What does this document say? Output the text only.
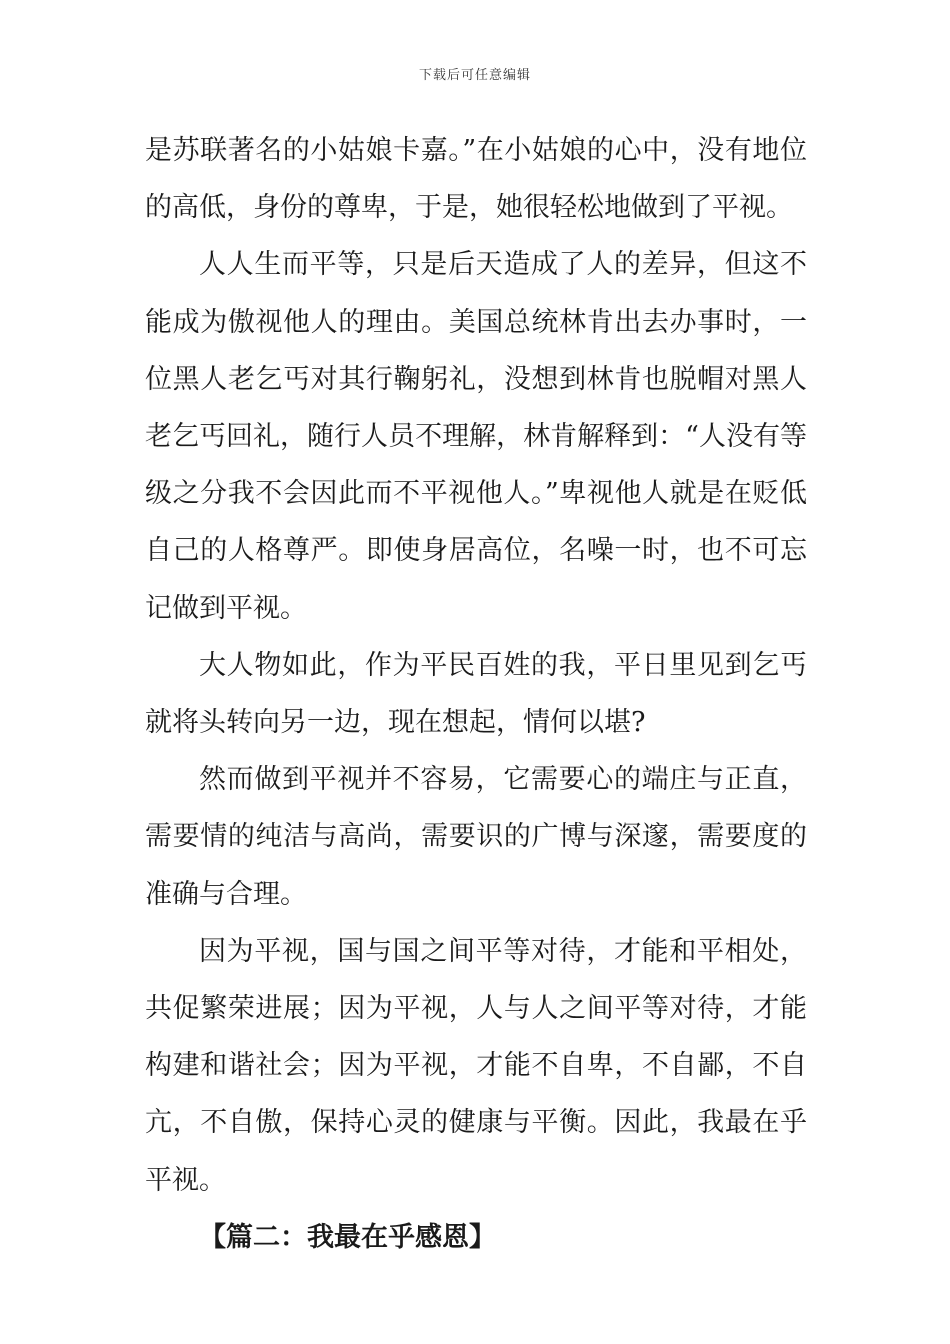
下载后可任意编辑

是苏联著名的小姑娘卡嘉。”在小姑娘的心中，没有地位的高低，身份的尊卑，于是，她很轻松地做到了平视。

人人生而平等，只是后天造成了人的差异，但这不能成为傲视他人的理由。美国总统林肯出去办事时，一位黑人老乞丐对其行鞠躬礼，没想到林肯也脱帽对黑人老乞丐回礼，随行人员不理解，林肯解释到：“人没有等级之分我不会因此而不平视他人。”卑视他人就是在贬低自己的人格尊严。即使身居高位，名噪一时，也不可忘记做到平视。

大人物如此，作为平民百姓的我，平日里见到乞丐就将头转向另一边，现在想起，情何以堪?

然而做到平视并不容易，它需要心的端庄与正直，需要情的纯洁与高尚，需要识的广博与深邃，需要度的准确与合理。

因为平视，国与国之间平等对待，才能和平相处，共促繁荣进展；因为平视，人与人之间平等对待，才能构建和谐社会；因为平视，才能不自卑，不自鄙，不自亢，不自傲，保持心灵的健康与平衡。因此，我最在乎平视。

【篇二：我最在乎感恩】
